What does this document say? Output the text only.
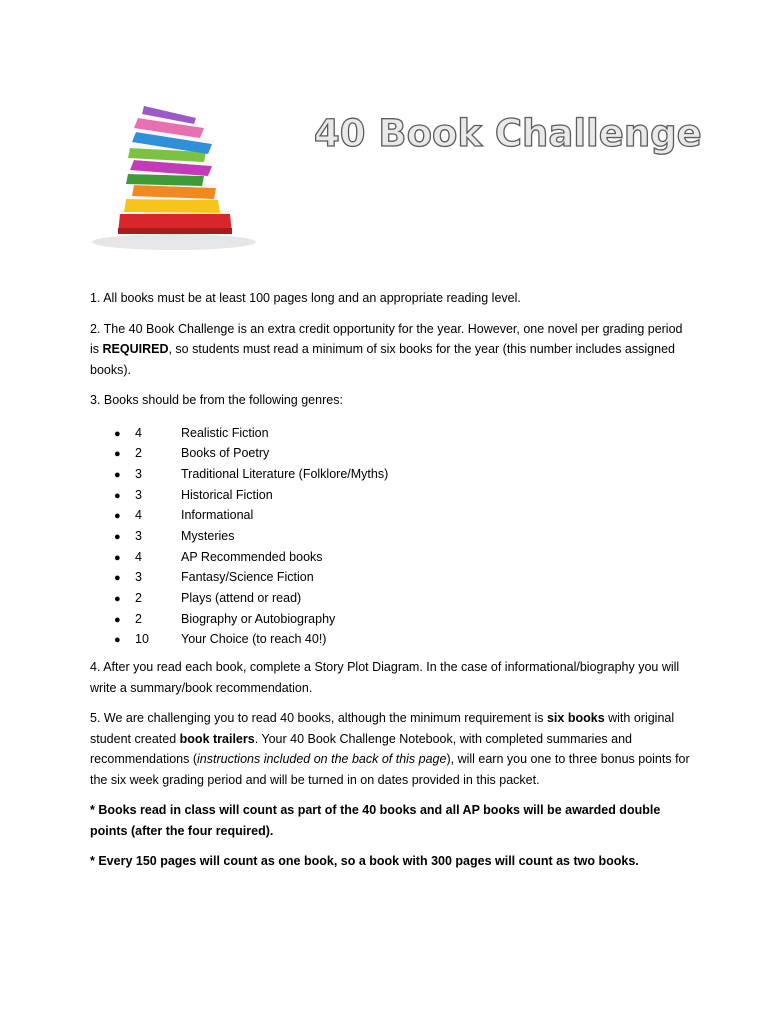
40 Book Challenge

1. All books must be at least 100 pages long and an appropriate reading level.

2. The 40 Book Challenge is an extra credit opportunity for the year. However, one novel per grading period is REQUIRED, so students must read a minimum of six books for the year (this number includes assigned books).

3. Books should be from the following genres:

●	4	Realistic Fiction
●	2	Books of Poetry
●	3	Traditional Literature (Folklore/Myths)
●	3	Historical Fiction
●	4	Informational
●	3	Mysteries
●	4	AP Recommended books
●	3	Fantasy/Science Fiction
●	2	Plays (attend or read)
●	2	Biography or Autobiography
●	10	Your Choice (to reach 40!)

4. After you read each book, complete a Story Plot Diagram. In the case of informational/biography you will write a summary/book recommendation.

5. We are challenging you to read 40 books, although the minimum requirement is six books with original student created book trailers. Your 40 Book Challenge Notebook, with completed summaries and recommendations (instructions included on the back of this page), will earn you one to three bonus points for the six week grading period and will be turned in on dates provided in this packet.

* Books read in class will count as part of the 40 books and all AP books will be awarded double points (after the four required).

* Every 150 pages will count as one book, so a book with 300 pages will count as two books.
